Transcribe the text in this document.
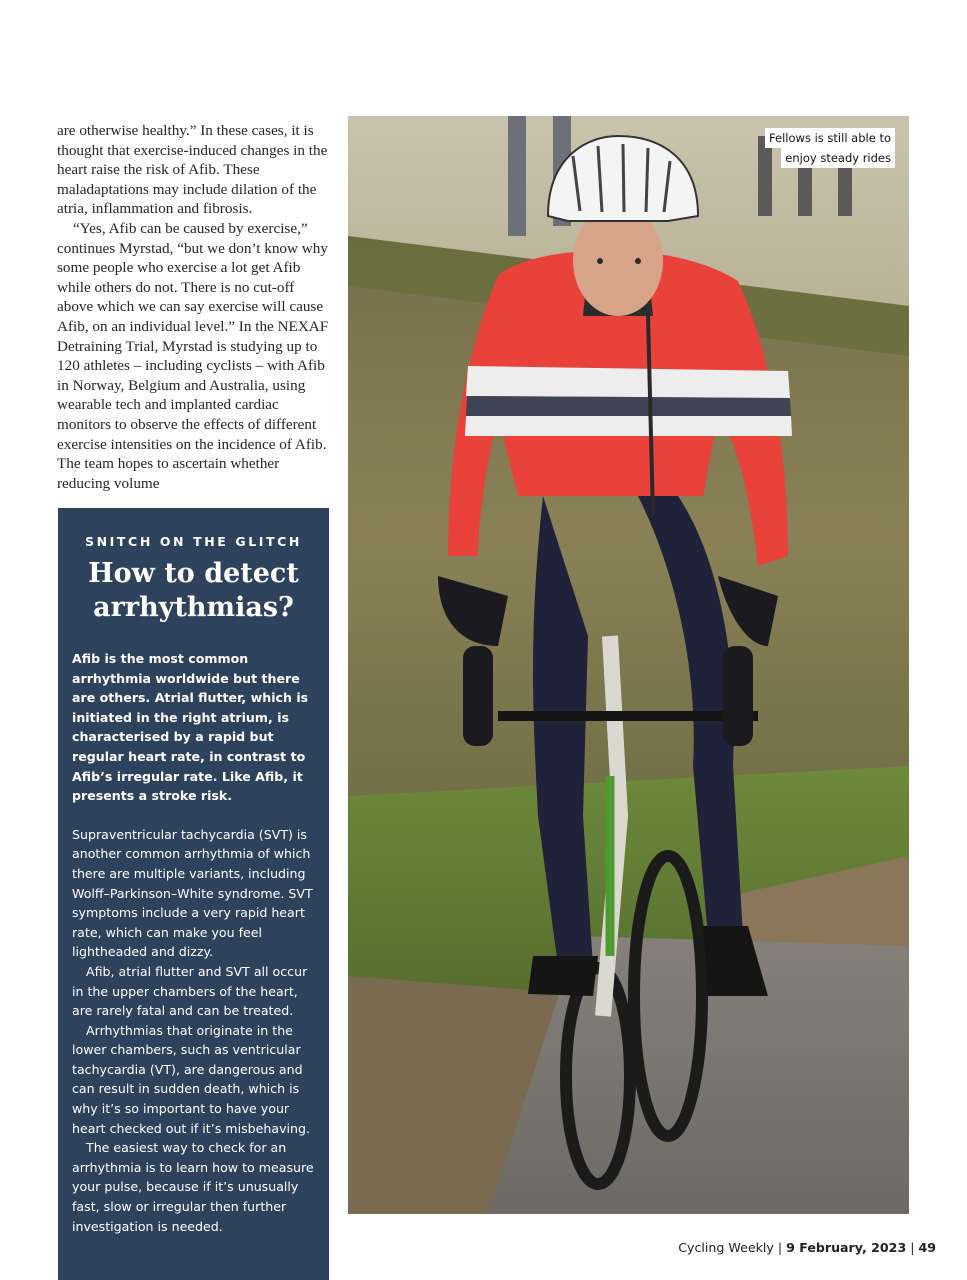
are otherwise healthy.” In these cases, it is thought that exercise-induced changes in the heart raise the risk of Afib. These maladaptations may include dilation of the atria, inflammation and fibrosis.

“Yes, Afib can be caused by exercise,” continues Myrstad, “but we don’t know why some people who exercise a lot get Afib while others do not. There is no cut-off above which we can say exercise will cause Afib, on an individual level.” In the NEXAF Detraining Trial, Myrstad is studying up to 120 athletes – including cyclists – with Afib in Norway, Belgium and Australia, using wearable tech and implanted cardiac monitors to observe the effects of different exercise intensities on the incidence of Afib. The team hopes to ascertain whether reducing volume

SNITCH ON THE GLITCH
How to detect
arrhythmias?
Afib is the most common arrhythmia worldwide but there are others. Atrial flutter, which is initiated in the right atrium, is characterised by a rapid but regular heart rate, in contrast to Afib’s irregular rate. Like Afib, it presents a stroke risk.

Supraventricular tachycardia (SVT) is another common arrhythmia of which there are multiple variants, including Wolff–Parkinson–White syndrome. SVT symptoms include a very rapid heart rate, which can make you feel lightheaded and dizzy.

Afib, atrial flutter and SVT all occur in the upper chambers of the heart, are rarely fatal and can be treated.

Arrhythmias that originate in the lower chambers, such as ventricular tachycardia (VT), are dangerous and can result in sudden death, which is why it’s so important to have your heart checked out if it’s misbehaving.

The easiest way to check for an arrhythmia is to learn how to measure your pulse, because if it’s unusually fast, slow or irregular then further investigation is needed.

Fellows is still able to
enjoy steady rides
Cycling Weekly | 9 February, 2023 | 49
